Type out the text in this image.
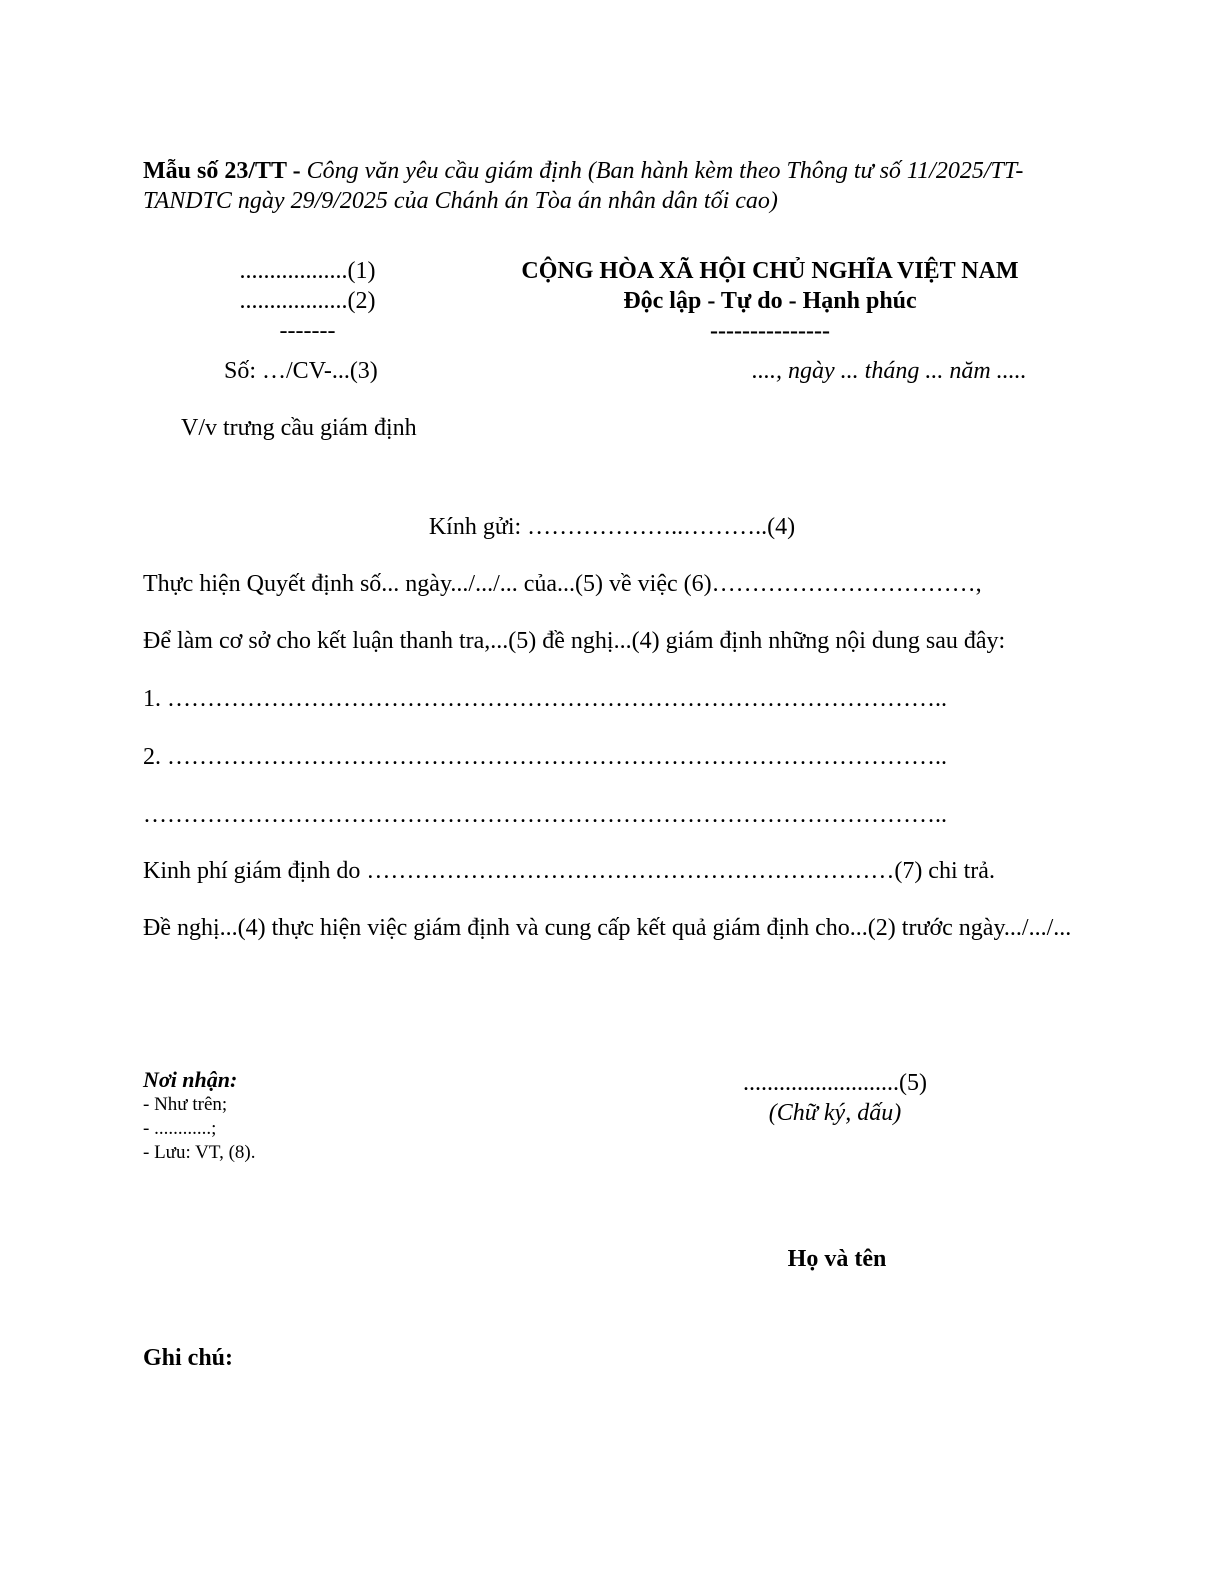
Mẫu số 23/TT - Công văn yêu cầu giám định (Ban hành kèm theo Thông tư số 11/2025/TT-TANDTC ngày 29/9/2025 của Chánh án Tòa án nhân dân tối cao)
..................(1)
..................(2)
-------
CỘNG HÒA XÃ HỘI CHỦ NGHĨA VIỆT NAM
Độc lập - Tự do - Hạnh phúc
---------------
Số: …/CV-...(3)	...., ngày ... tháng ... năm .....
V/v trưng cầu giám định
Kính gửi: ………………..………..(4)
Thực hiện Quyết định số... ngày.../.../... của...(5) về việc (6)……………………………,
Để làm cơ sở cho kết luận thanh tra,...(5) đề nghị...(4) giám định những nội dung sau đây:
1. ……………………………………………………………………………………..
2. ……………………………………………………………………………………..
………………………………………………………………………………………..
Kinh phí giám định do …………………………………………………………(7) chi trả.
Đề nghị...(4) thực hiện việc giám định và cung cấp kết quả giám định cho...(2) trước ngày.../.../...
Nơi nhận:
- Như trên;
- ............;
- Lưu: VT, (8).
..........................(5)
(Chữ ký, dấu)
Họ và tên
Ghi chú:
